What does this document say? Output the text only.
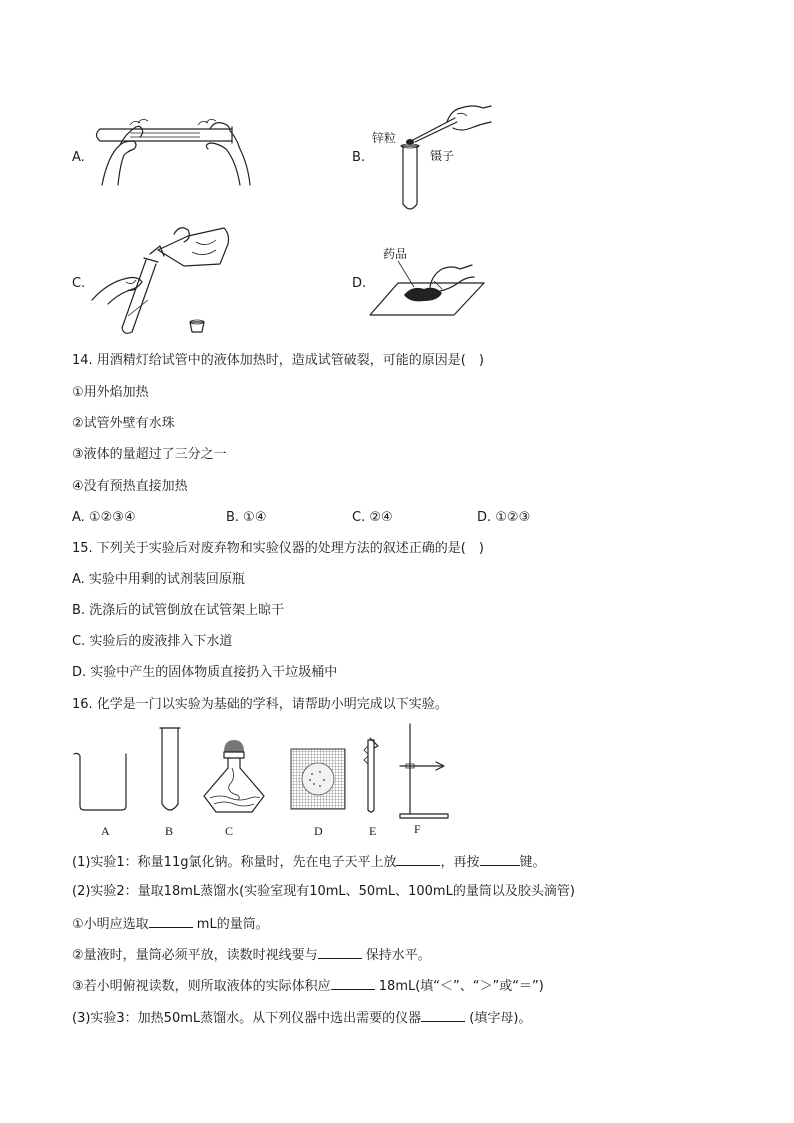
A.	B.
锌粒
镊子
C.	D.
药品
14. 用酒精灯给试管中的液体加热时，造成试管破裂，可能的原因是(　)
①用外焰加热
②试管外壁有水珠
③液体的量超过了三分之一
④没有预热直接加热
A. ①②③④	B. ①④	C. ②④	D. ①②③
15. 下列关于实验后对废弃物和实验仪器的处理方法的叙述正确的是(　)
A. 实验中用剩的试剂装回原瓶
B. 洗涤后的试管倒放在试管架上晾干
C. 实验后的废液排入下水道
D. 实验中产生的固体物质直接扔入干垃圾桶中
16. 化学是一门以实验为基础的学科，请帮助小明完成以下实验。
A	B	C	D	E	F
(1)实验1：称量11g氯化钠。称量时，先在电子天平上放	，再按	键。
(2)实验2：量取18mL蒸馏水(实验室现有10mL、50mL、100mL的量筒以及胶头滴管)
①小明应选取	mL的量筒。
②量液时，量筒必须平放，读数时视线要与	保持水平。
③若小明俯视读数，则所取液体的实际体积应	18mL(填“＜”、“＞”或“＝”)
(3)实验3：加热50mL蒸馏水。从下列仪器中选出需要的仪器	(填字母)。
